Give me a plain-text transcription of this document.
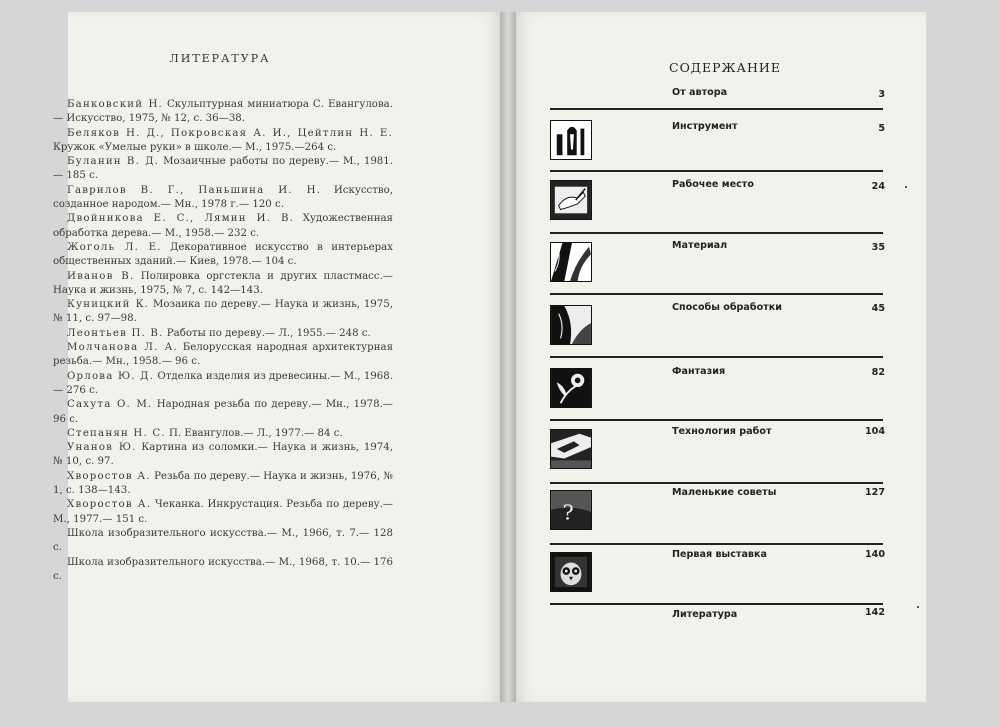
ЛИТЕРАТУРА
Банковский Н. Скульптурная миниатюра С. Евангулова.— Искусство, 1975, № 12, с. 36—38.
Беляков Н. Д., Покровская А. И., Цейтлин Н. Е. Кружок «Умелые руки» в школе.— М., 1975.—264 с.
Буланин В. Д. Мозаичные работы по дереву.— М., 1981.— 185 с.
Гаврилов В. Г., Паньшина И. Н. Искусство, созданное народом.— Мн., 1978 г.— 120 с.
Двойникова Е. С., Лямин И. В. Художественная обработка дерева.— М., 1958.— 232 с.
Жоголь Л. Е. Декоративное искусство в интерьерах общественных зданий.— Киев, 1978.— 104 с.
Иванов В. Полировка оргстекла и других пластмасс.— Наука и жизнь, 1975, № 7, с. 142—143.
Куницкий К. Мозаика по дереву.— Наука и жизнь, 1975, № 11, с. 97—98.
Леонтьев П. В. Работы по дереву.— Л., 1955.— 248 с.
Молчанова Л. А. Белорусская народная архитектурная резьба.— Мн., 1958.— 96 с.
Орлова Ю. Д. Отделка изделия из древесины.— М., 1968.— 276 с.
Сахута О. М. Народная резьба по дереву.— Мн., 1978.— 96 с.
Степанян Н. С. П. Евангулов.— Л., 1977.— 84 с.
Унанов Ю. Картина из соломки.— Наука и жизнь, 1974, № 10, с. 97.
Хворостов А. Резьба по дереву.— Наука и жизнь, 1976, № 1, с. 138—143.
Хворостов А. Чеканка. Инкрустация. Резьба по дереву.— М., 1977.— 151 с.
Школа изобразительного искусства.— М., 1966, т. 7.— 128 с.
Школа изобразительного искусства.— М., 1968, т. 10.— 176 с.
СОДЕРЖАНИЕ
От автора	3
Инструмент	5
Рабочее место	24
Материал	35
Способы обработки	45
Фантазия	82
Технология работ	104
?
Маленькие советы	127
Первая выставка	140
Литература	142
